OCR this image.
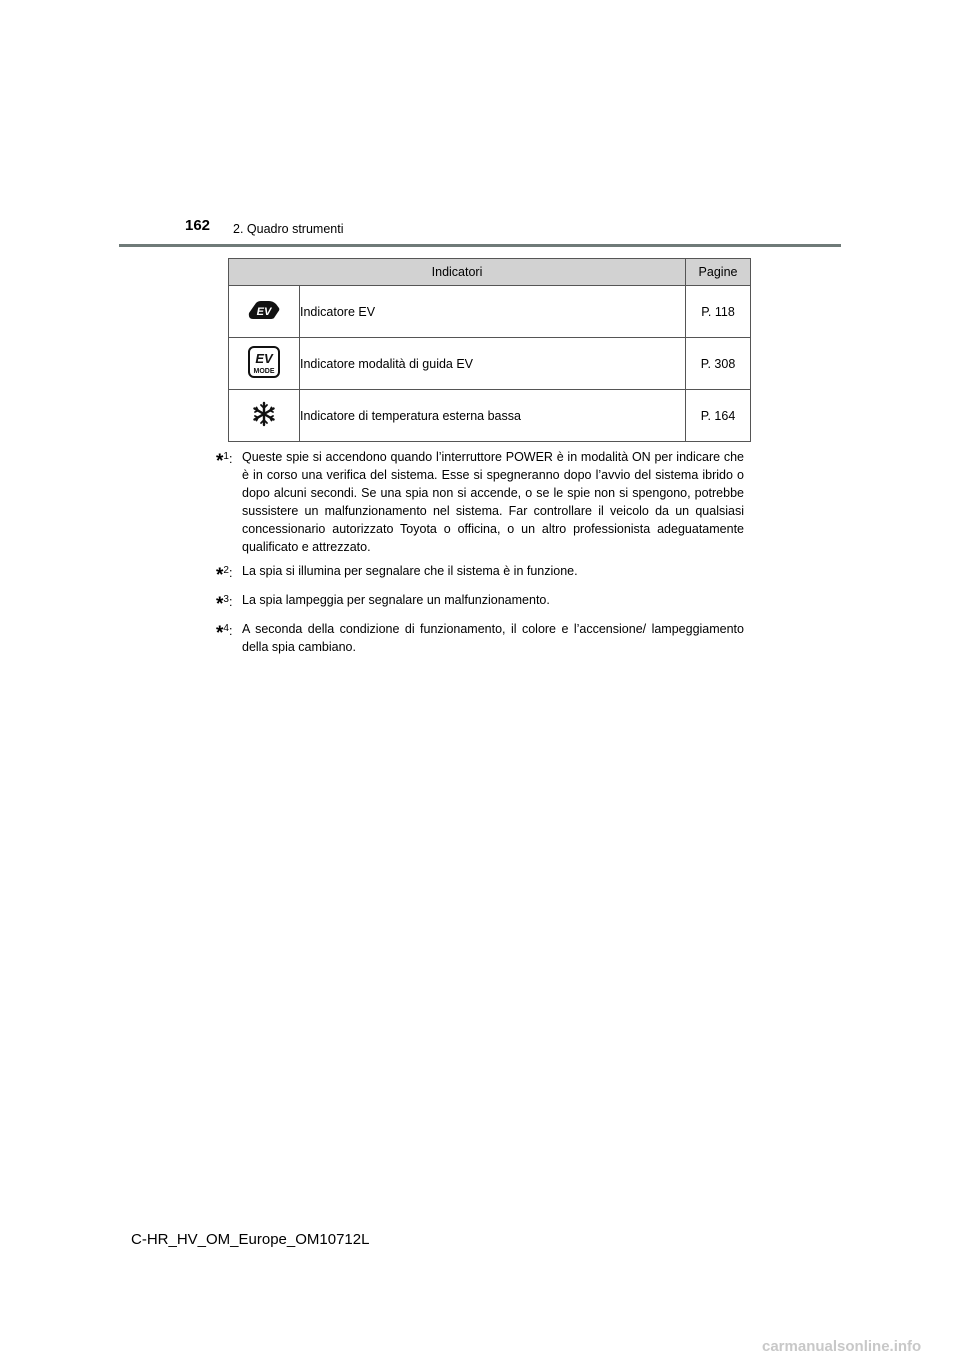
162 2. Quadro strumenti
Indicatori		Pagine

EV	Indicatore EV	P. 118

EV
MODE	Indicatore modalità di guida EV	P. 308
	Indicatore di temperatura esterna bassa	P. 164
*$^1$: Queste spie si accendono quando l’interruttore POWER è in modalità ON per indicare che è in corso una verifica del sistema. Esse si spegneranno dopo l’avvio del sistema ibrido o dopo alcuni secondi. Se una spia non si accende, o se le spie non si spengono, potrebbe sussistere un malfunzionamento nel sistema. Far controllare il veicolo da un qualsiasi concessionario autorizzato Toyota o officina, o un altro professionista adeguatamente qualificato e attrezzato.
*$^2$: La spia si illumina per segnalare che il sistema è in funzione.
*$^3$: La spia lampeggia per segnalare un malfunzionamento.
*$^4$: A seconda della condizione di funzionamento, il colore e l’accensione/ lampeggiamento della spia cambiano.
C-HR_HV_OM_Europe_OM10712L
carmanualsonline.info
